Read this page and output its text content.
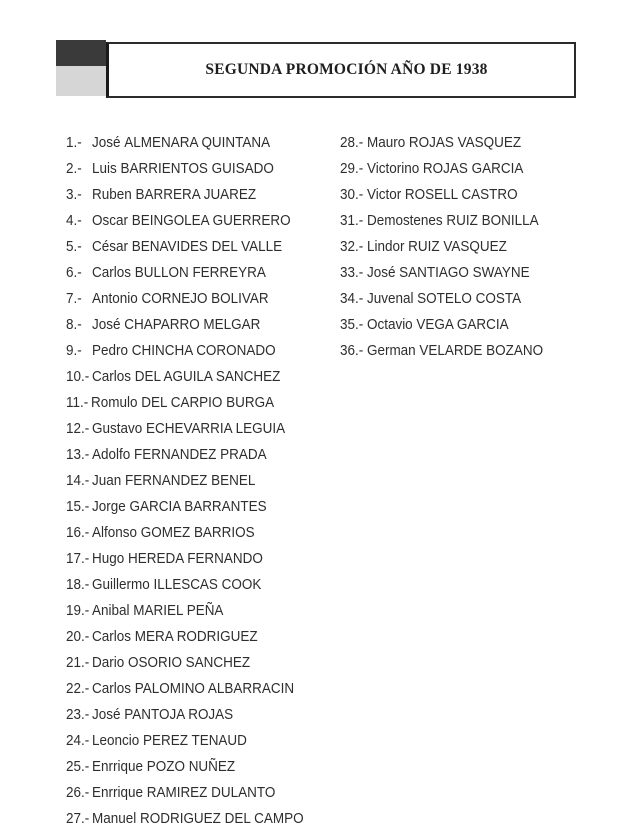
SEGUNDA PROMOCIÓN AÑO DE 1938
1.- José ALMENARA QUINTANA
2.- Luis BARRIENTOS GUISADO
3.- Ruben BARRERA JUAREZ
4.- Oscar BEINGOLEA GUERRERO
5.- César BENAVIDES DEL VALLE
6.- Carlos BULLON FERREYRA
7.- Antonio CORNEJO BOLIVAR
8.- José CHAPARRO MELGAR
9.- Pedro CHINCHA CORONADO
10.- Carlos DEL AGUILA SANCHEZ
11.- Romulo DEL CARPIO BURGA
12.- Gustavo ECHEVARRIA LEGUIA
13.- Adolfo FERNANDEZ PRADA
14.- Juan FERNANDEZ BENEL
15.- Jorge GARCIA BARRANTES
16.- Alfonso GOMEZ BARRIOS
17.- Hugo HEREDA FERNANDO
18.- Guillermo ILLESCAS COOK
19.- Anibal MARIEL PEÑA
20.- Carlos MERA RODRIGUEZ
21.- Dario OSORIO SANCHEZ
22.- Carlos PALOMINO ALBARRACIN
23.- José PANTOJA ROJAS
24.- Leoncio PEREZ TENAUD
25.- Enrrique POZO NUÑEZ
26.- Enrrique RAMIREZ DULANTO
27.- Manuel RODRIGUEZ DEL CAMPO
28.- Mauro ROJAS VASQUEZ
29.- Victorino ROJAS GARCIA
30.- Victor ROSELL CASTRO
31.- Demostenes RUIZ BONILLA
32.- Lindor RUIZ VASQUEZ
33.- José SANTIAGO SWAYNE
34.- Juvenal SOTELO COSTA
35.- Octavio VEGA GARCIA
36.- German VELARDE BOZANO
